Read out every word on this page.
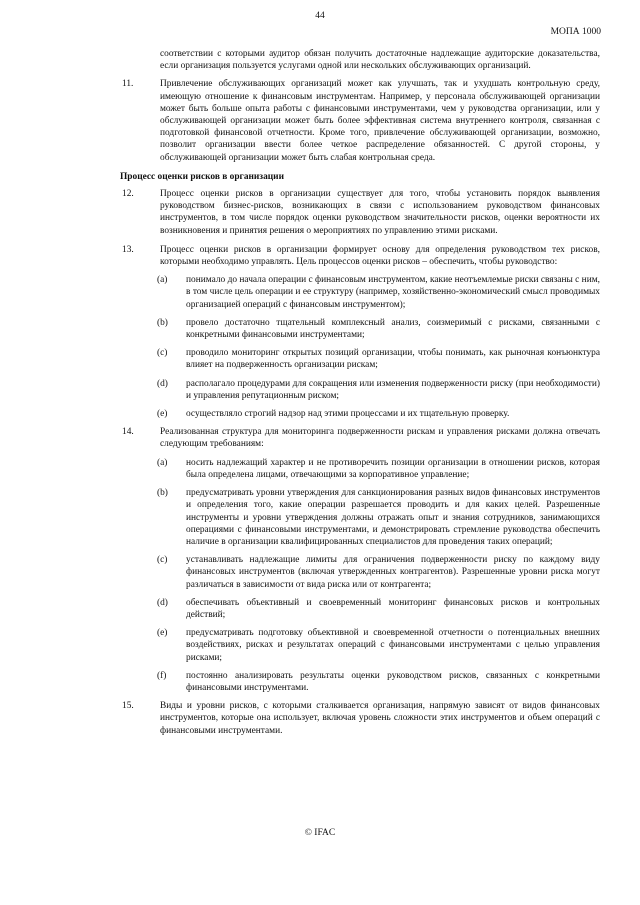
44
МОПА 1000
соответствии с которыми аудитор обязан получить достаточные надлежащие аудиторские доказательства, если организация пользуется услугами одной или нескольких обслуживающих организаций.
11.	Привлечение обслуживающих организаций может как улучшать, так и ухудшать контрольную среду, имеющую отношение к финансовым инструментам. Например, у персонала обслуживающей организации может быть больше опыта работы с финансовыми инструментами, чем у руководства организации, или у обслуживающей организации может быть более эффективная система внутреннего контроля, связанная с подготовкой финансовой отчетности. Кроме того, привлечение обслуживающей организации, возможно, позволит организации ввести более четкое распределение обязанностей. С другой стороны, у обслуживающей организации может быть слабая контрольная среда.
Процесс оценки рисков в организации
12.	Процесс оценки рисков в организации существует для того, чтобы установить порядок выявления руководством бизнес-рисков, возникающих в связи с использованием руководством финансовых инструментов, в том числе порядок оценки руководством значительности рисков, оценки вероятности их возникновения и принятия решения о мероприятиях по управлению этими рисками.
13.	Процесс оценки рисков в организации формирует основу для определения руководством тех рисков, которыми необходимо управлять. Цель процессов оценки рисков – обеспечить, чтобы руководство:
(a) понимало до начала операции с финансовым инструментом, какие неотъемлемые риски связаны с ним, в том числе цель операции и ее структуру (например, хозяйственно-экономический смысл проводимых организацией операций с финансовым инструментом);
(b) провело достаточно тщательный комплексный анализ, соизмеримый с рисками, связанными с конкретными финансовыми инструментами;
(c) проводило мониторинг открытых позиций организации, чтобы понимать, как рыночная конъюнктура влияет на подверженность организации рискам;
(d) располагало процедурами для сокращения или изменения подверженности риску (при необходимости) и управления репутационным риском;
(e) осуществляло строгий надзор над этими процессами и их тщательную проверку.
14.	Реализованная структура для мониторинга подверженности рискам и управления рисками должна отвечать следующим требованиям:
(a) носить надлежащий характер и не противоречить позиции организации в отношении рисков, которая была определена лицами, отвечающими за корпоративное управление;
(b) предусматривать уровни утверждения для санкционирования разных видов финансовых инструментов и определения того, какие операции разрешается проводить и для каких целей. Разрешенные инструменты и уровни утверждения должны отражать опыт и знания сотрудников, занимающихся операциями с финансовыми инструментами, и демонстрировать стремление руководства обеспечить наличие в организации квалифицированных специалистов для проведения таких операций;
(c) устанавливать надлежащие лимиты для ограничения подверженности риску по каждому виду финансовых инструментов (включая утвержденных контрагентов). Разрешенные уровни риска могут различаться в зависимости от вида риска или от контрагента;
(d) обеспечивать объективный и своевременный мониторинг финансовых рисков и контрольных действий;
(e) предусматривать подготовку объективной и своевременной отчетности о потенциальных внешних воздействиях, рисках и результатах операций с финансовыми инструментами с целью управления рисками;
(f) постоянно анализировать результаты оценки руководством рисков, связанных с конкретными финансовыми инструментами.
15.	Виды и уровни рисков, с которыми сталкивается организация, напрямую зависят от видов финансовых инструментов, которые она использует, включая уровень сложности этих инструментов и объем операций с финансовыми инструментами.
© IFAC
